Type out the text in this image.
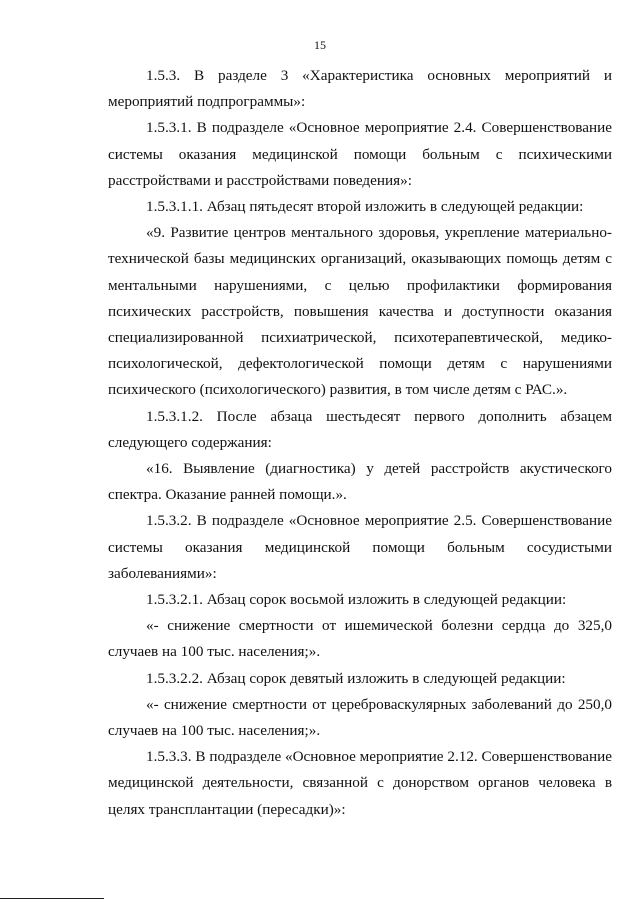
15

1.5.3. В разделе 3 «Характеристика основных мероприятий и мероприятий подпрограммы»:

1.5.3.1. В подразделе «Основное мероприятие 2.4. Совершенствование системы оказания медицинской помощи больным с психическими расстройствами и расстройствами поведения»:

1.5.3.1.1. Абзац пятьдесят второй изложить в следующей редакции:

«9. Развитие центров ментального здоровья, укрепление материально-технической базы медицинских организаций, оказывающих помощь детям с ментальными нарушениями, с целью профилактики формирования психических расстройств, повышения качества и доступности оказания специализированной психиатрической, психотерапевтической, медико-психологической, дефектологической помощи детям с нарушениями психического (психологического) развития, в том числе детям с РАС.».

1.5.3.1.2. После абзаца шестьдесят первого дополнить абзацем следующего содержания:

«16. Выявление (диагностика) у детей расстройств акустического спектра. Оказание ранней помощи.».

1.5.3.2. В подразделе «Основное мероприятие 2.5. Совершенствование системы оказания медицинской помощи больным сосудистыми заболеваниями»:

1.5.3.2.1. Абзац сорок восьмой изложить в следующей редакции:

«- снижение смертности от ишемической болезни сердца до 325,0 случаев на 100 тыс. населения;».

1.5.3.2.2. Абзац сорок девятый изложить в следующей редакции:

«- снижение смертности от цереброваскулярных заболеваний до 250,0 случаев на 100 тыс. населения;».

1.5.3.3. В подразделе «Основное мероприятие 2.12. Совершенствование медицинской деятельности, связанной с донорством органов человека в целях трансплантации (пересадки)»:
